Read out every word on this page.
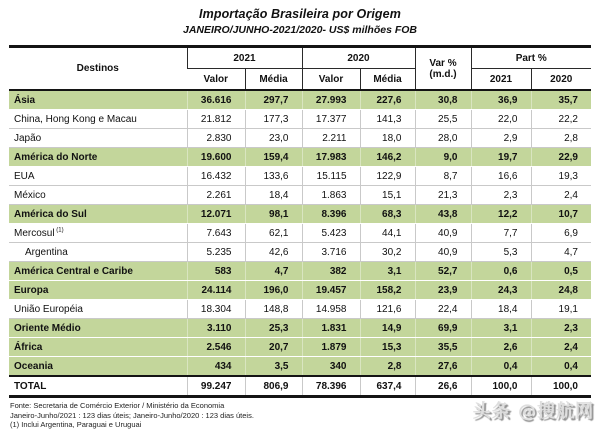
Importação Brasileira por Origem
JANEIRO/JUNHO-2021/2020- US$ milhões FOB
Destinos	2021		2020		Var %
(m.d.)	Part %	
	Valor	Média	Valor	Média		2021	2020
Ásia	36.616	297,7	27.993	227,6	30,8	36,9	35,7
China, Hong Kong e Macau	21.812	177,3	17.377	141,3	25,5	22,0	22,2
Japão	2.830	23,0	2.211	18,0	28,0	2,9	2,8
América do Norte	19.600	159,4	17.983	146,2	9,0	19,7	22,9
EUA	16.432	133,6	15.115	122,9	8,7	16,6	19,3
México	2.261	18,4	1.863	15,1	21,3	2,3	2,4
América do Sul	12.071	98,1	8.396	68,3	43,8	12,2	10,7
Mercosul $^{(1)}$	7.643	62,1	5.423	44,1	40,9	7,7	6,9
Argentina	5.235	42,6	3.716	30,2	40,9	5,3	4,7
América Central e Caribe	583	4,7	382	3,1	52,7	0,6	0,5
Europa	24.114	196,0	19.457	158,2	23,9	24,3	24,8
União Européia	18.304	148,8	14.958	121,6	22,4	18,4	19,1
Oriente Médio	3.110	25,3	1.831	14,9	69,9	3,1	2,3
África	2.546	20,7	1.879	15,3	35,5	2,6	2,4
Oceania	434	3,5	340	2,8	27,6	0,4	0,4
TOTAL	99.247	806,9	78.396	637,4	26,6	100,0	100,0
Fonte: Secretaria de Comércio Exterior / Ministério da Economia
Janeiro-Junho/2021 : 123 dias úteis; Janeiro-Junho/2020 : 123 dias úteis.
(1) Inclui Argentina, Paraguai e Uruguai
头条 @搜航网
